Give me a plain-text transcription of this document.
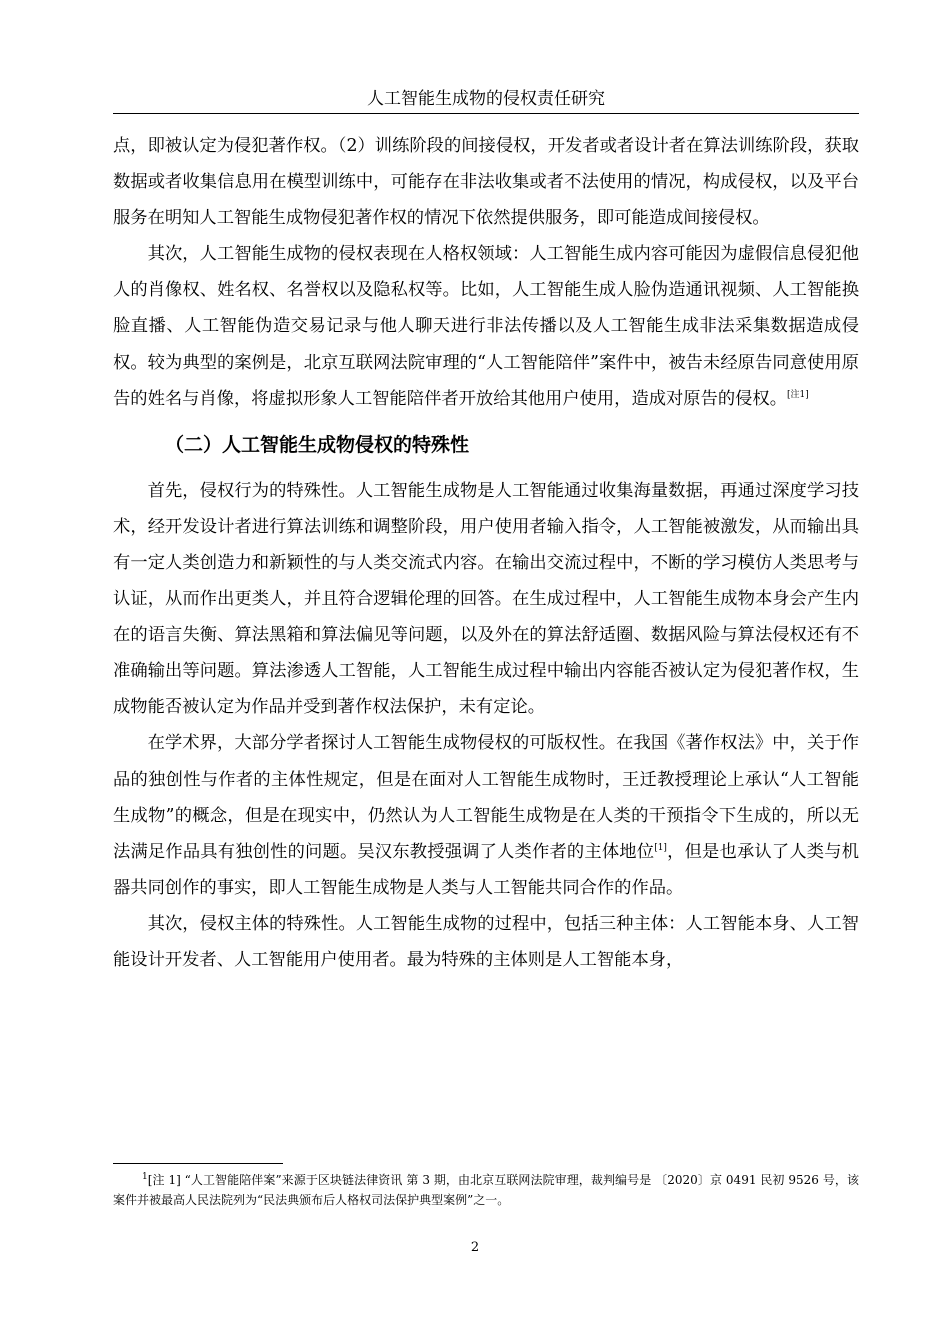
人工智能生成物的侵权责任研究

点，即被认定为侵犯著作权。（2）训练阶段的间接侵权，开发者或者设计者在算法训练阶段，获取数据或者收集信息用在模型训练中，可能存在非法收集或者不法使用的情况，构成侵权，以及平台服务在明知人工智能生成物侵犯著作权的情况下依然提供服务，即可能造成间接侵权。

其次，人工智能生成物的侵权表现在人格权领域：人工智能生成内容可能因为虚假信息侵犯他人的肖像权、姓名权、名誉权以及隐私权等。比如，人工智能生成人脸伪造通讯视频、人工智能换脸直播、人工智能伪造交易记录与他人聊天进行非法传播以及人工智能生成非法采集数据造成侵权。较为典型的案例是，北京互联网法院审理的“人工智能陪伴”案件中，被告未经原告同意使用原告的姓名与肖像，将虚拟形象人工智能陪伴者开放给其他用户使用，造成对原告的侵权。[注1]

（二）人工智能生成物侵权的特殊性

首先，侵权行为的特殊性。人工智能生成物是人工智能通过收集海量数据，再通过深度学习技术，经开发设计者进行算法训练和调整阶段，用户使用者输入指令，人工智能被激发，从而输出具有一定人类创造力和新颖性的与人类交流式内容。在输出交流过程中，不断的学习模仿人类思考与认证，从而作出更类人，并且符合逻辑伦理的回答。在生成过程中，人工智能生成物本身会产生内在的语言失衡、算法黑箱和算法偏见等问题，以及外在的算法舒适圈、数据风险与算法侵权还有不准确输出等问题。算法渗透人工智能，人工智能生成过程中输出内容能否被认定为侵犯著作权，生成物能否被认定为作品并受到著作权法保护，未有定论。

在学术界，大部分学者探讨人工智能生成物侵权的可版权性。在我国《著作权法》中，关于作品的独创性与作者的主体性规定，但是在面对人工智能生成物时，王迁教授理论上承认“人工智能生成物”的概念，但是在现实中，仍然认为人工智能生成物是在人类的干预指令下生成的，所以无法满足作品具有独创性的问题。吴汉东教授强调了人类作者的主体地位[1]，但是也承认了人类与机器共同创作的事实，即人工智能生成物是人类与人工智能共同合作的作品。

其次，侵权主体的特殊性。人工智能生成物的过程中，包括三种主体：人工智能本身、人工智能设计开发者、人工智能用户使用者。最为特殊的主体则是人工智能本身，

$^1$[注 1] “人工智能陪伴案”来源于区块链法律资讯 第 3 期，由北京互联网法院审理，裁判编号是 〔2020〕京 0491 民初 9526 号，该案件并被最高人民法院列为“民法典颁布后人格权司法保护典型案例”之一。
2
